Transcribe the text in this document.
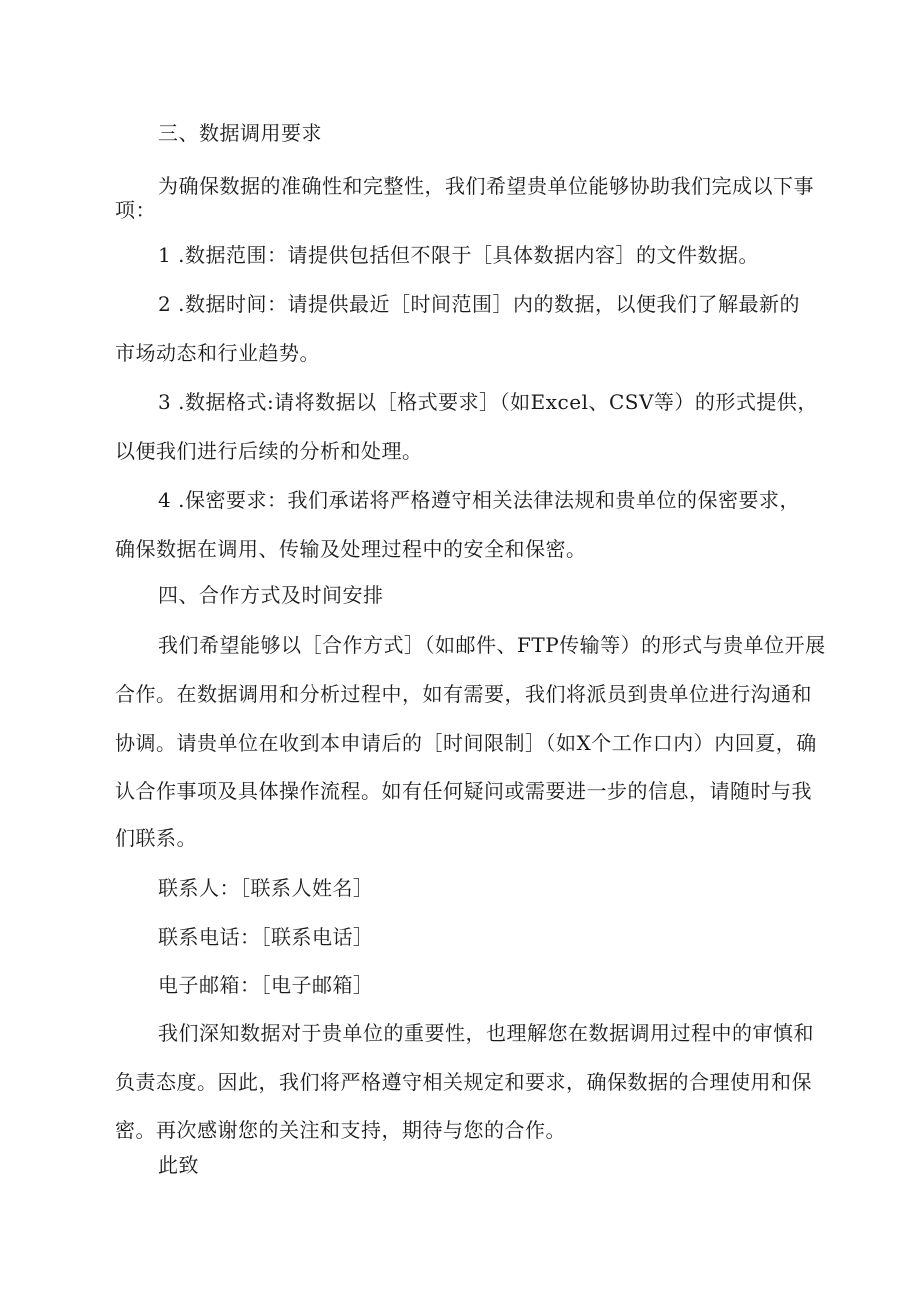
三、数据调用要求
为确保数据的准确性和完整性，我们希望贵单位能够协助我们完成以下事
项：
1 .数据范围：请提供包括但不限于［具体数据内容］的文件数据。
2 .数据时间：请提供最近［时间范围］内的数据，以便我们了解最新的
市场动态和行业趋势。
3 .数据格式:请将数据以［格式要求］（如Excel、CSV等）的形式提供，
以便我们进行后续的分析和处理。
4 .保密要求：我们承诺将严格遵守相关法律法规和贵单位的保密要求，
确保数据在调用、传输及处理过程中的安全和保密。
四、合作方式及时间安排
我们希望能够以［合作方式］（如邮件、FTP传输等）的形式与贵单位开展
合作。在数据调用和分析过程中，如有需要，我们将派员到贵单位进行沟通和
协调。请贵单位在收到本申请后的［时间限制］（如X个工作口内）内回夏，确
认合作事项及具体操作流程。如有任何疑问或需要进一步的信息，请随时与我
们联系。
联系人：［联系人姓名］
联系电话：［联系电话］
电子邮箱：［电子邮箱］
我们深知数据对于贵单位的重要性，也理解您在数据调用过程中的审慎和
负责态度。因此，我们将严格遵守相关规定和要求，确保数据的合理使用和保
密。再次感谢您的关注和支持，期待与您的合作。
此致
